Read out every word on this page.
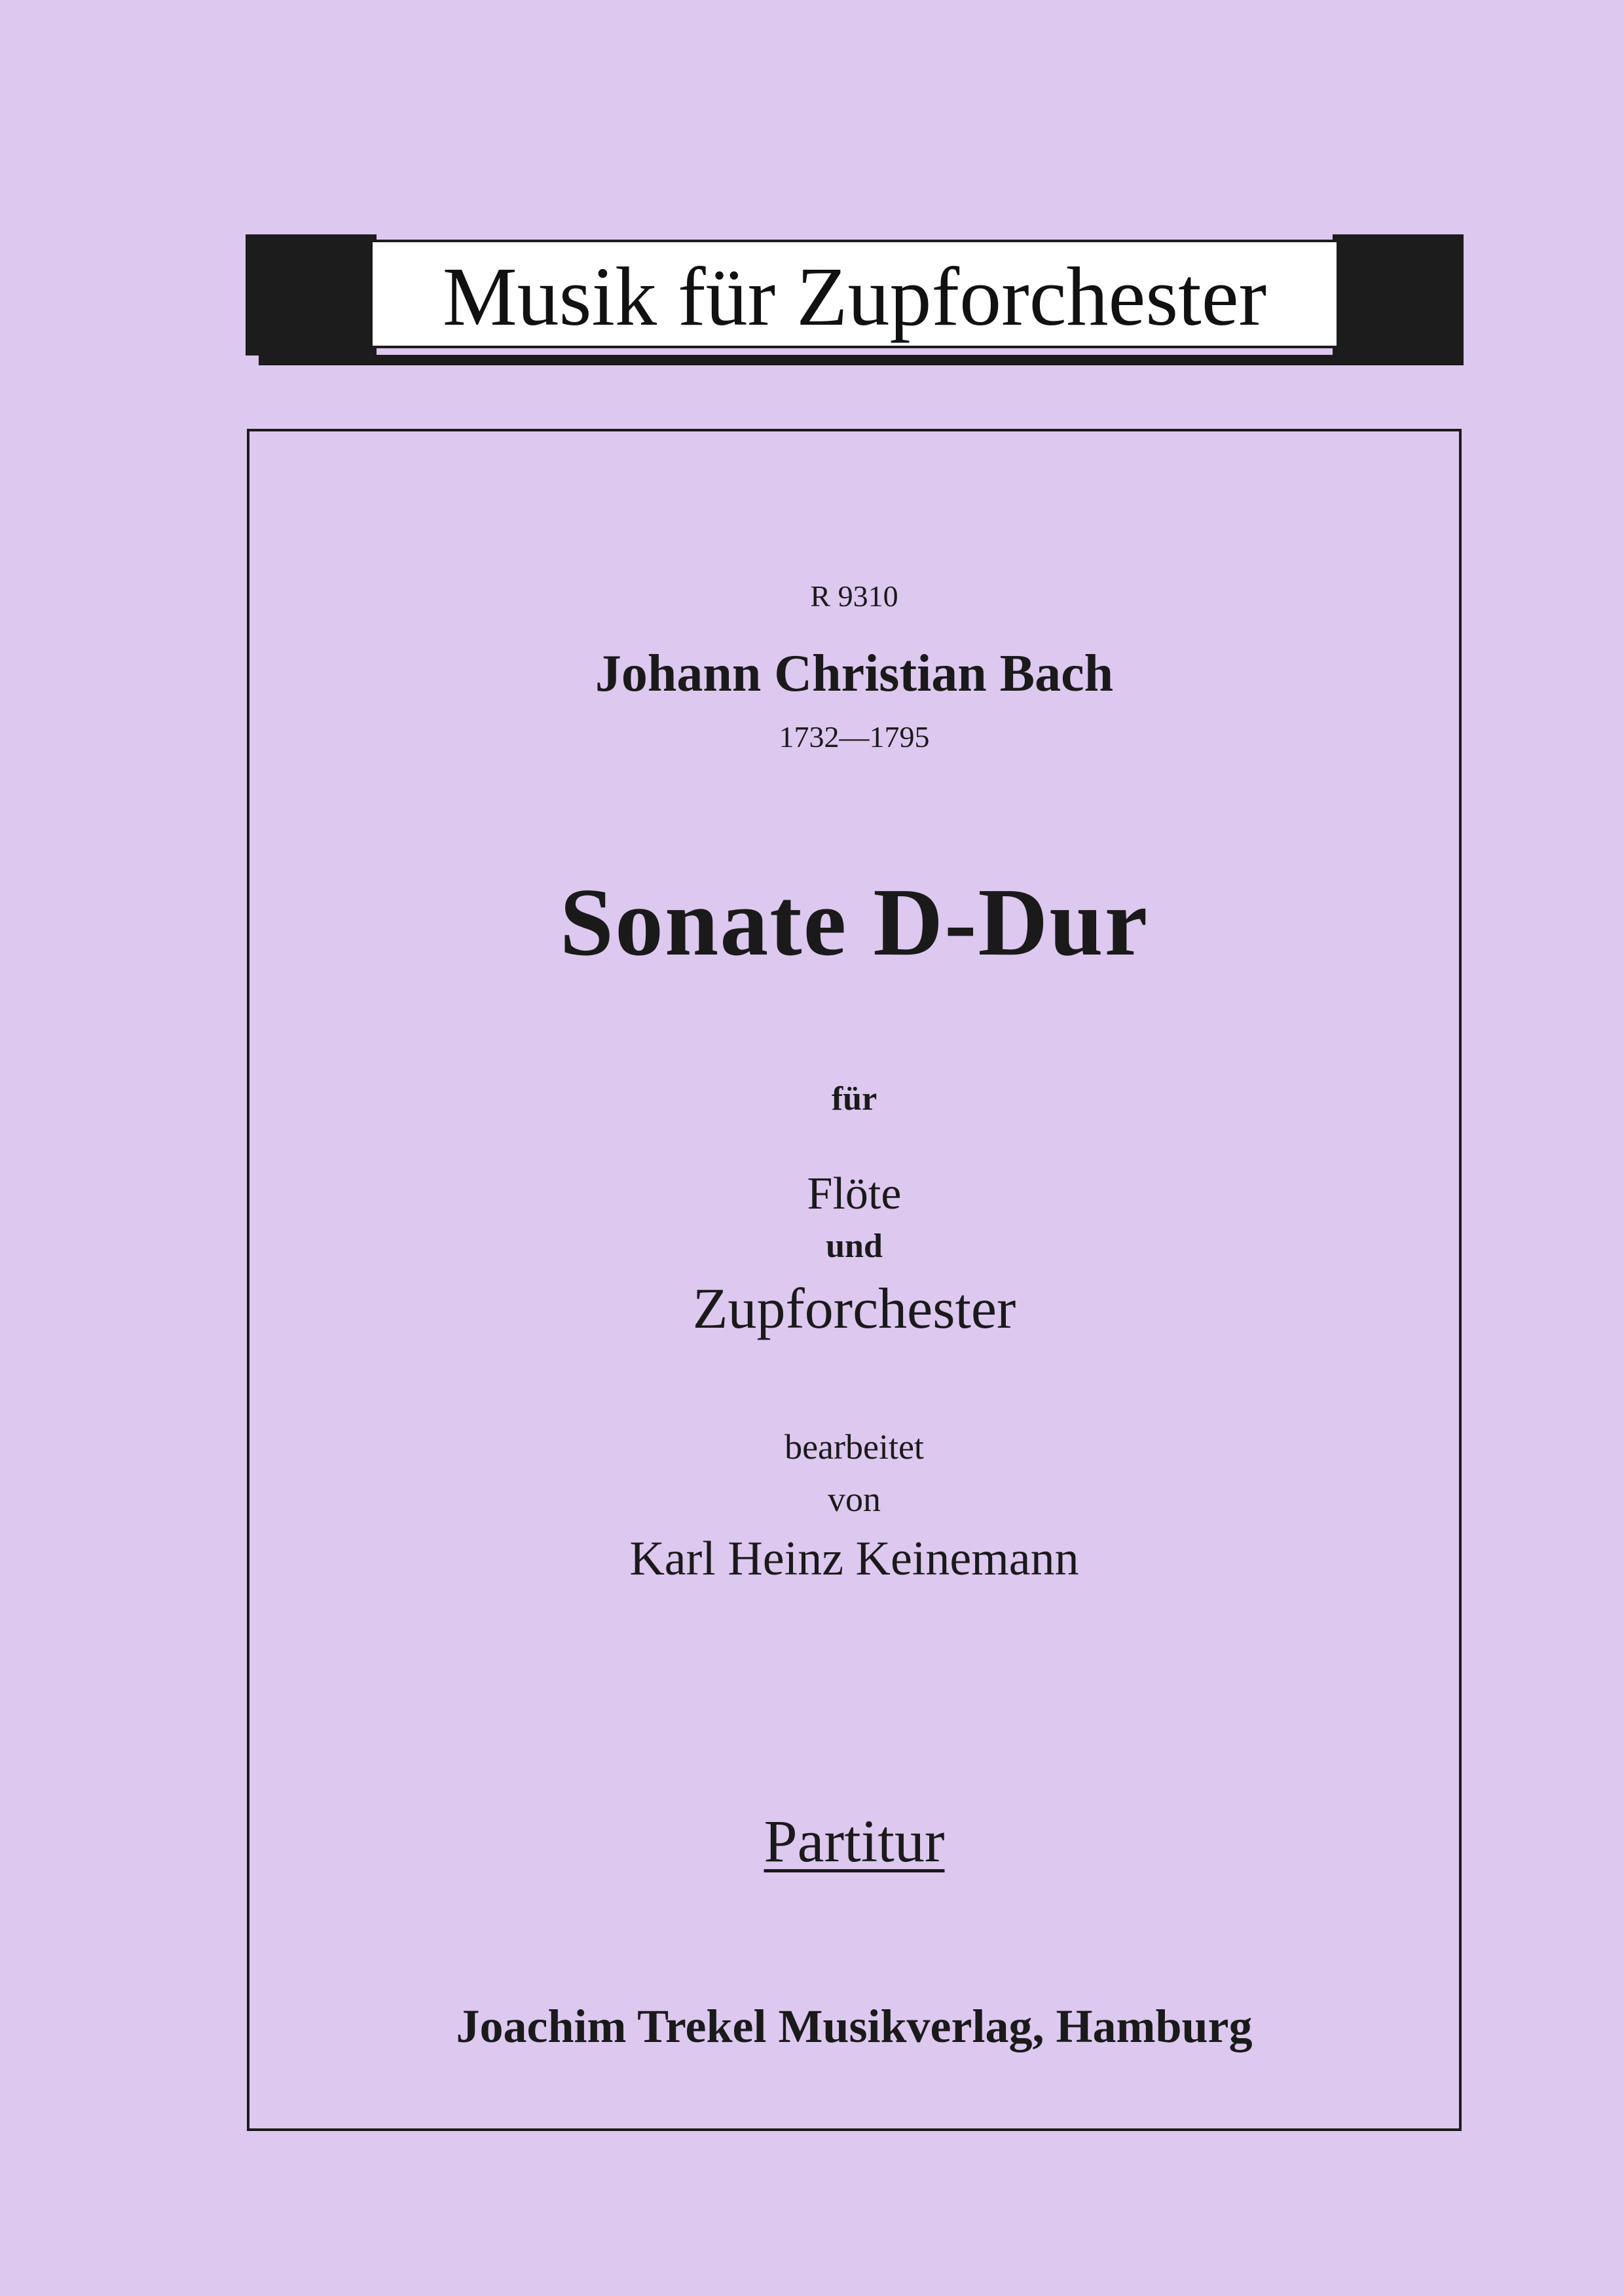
Musik für Zupforchester
R 9310
Johann Christian Bach
1732—1795
Sonate D-Dur
für
Flöte
und
Zupforchester
bearbeitet
von
Karl Heinz Keinemann
Partitur
Joachim Trekel Musikverlag, Hamburg
